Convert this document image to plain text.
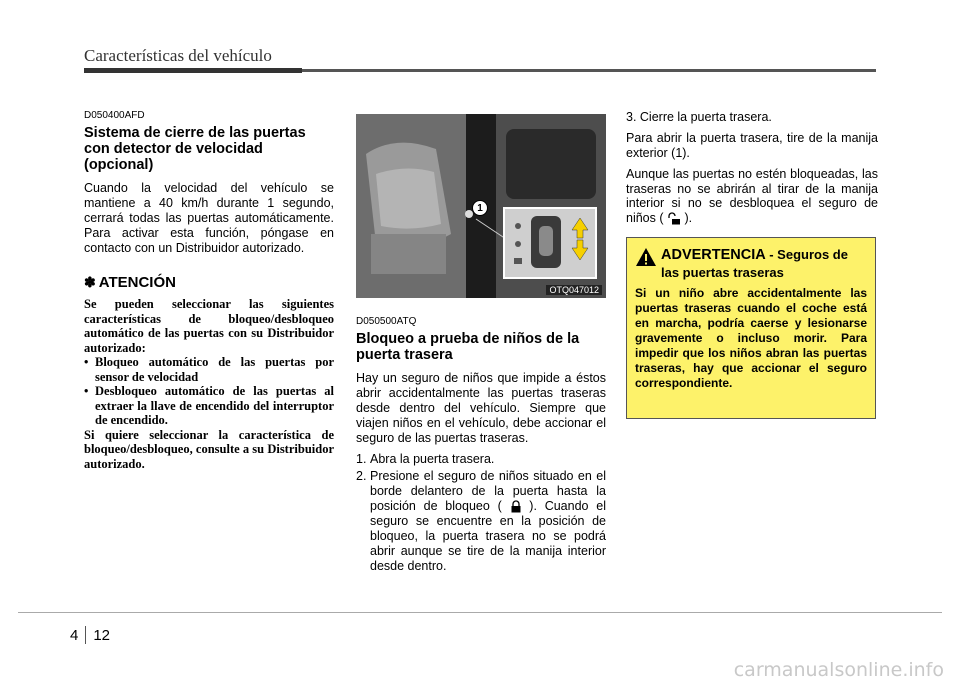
Características del vehículo
D050400AFD
Sistema de cierre de las puertas con detector de velocidad (opcional)
Cuando la velocidad del vehículo se mantiene a 40 km/h durante 1 segundo, cerrará todas las puertas automáticamente. Para activar esta función, póngase en contacto con un Distribuidor autorizado.
✽ ATENCIÓN
Se pueden seleccionar las siguientes características de bloqueo/desbloqueo automático de las puertas con su Distribuidor autorizado:
• Bloqueo automático de las puertas por sensor de velocidad
• Desbloqueo automático de las puertas al extraer la llave de encendido del interruptor de encendido.
Si quiere seleccionar la característica de bloqueo/desbloqueo, consulte a su Distribuidor autorizado.
1
OTQ047012
D050500ATQ
Bloqueo a prueba de niños de la puerta trasera
Hay un seguro de niños que impide a éstos abrir accidentalmente las puertas traseras desde dentro del vehículo. Siempre que viajen niños en el vehículo, debe accionar el seguro de las puertas traseras.
1. Abra la puerta trasera.
2. Presione el seguro de niños situado en el borde delantero de la puerta hasta la posición de bloqueo ( ). Cuando el seguro se encuentre en la posición de bloqueo, la puerta trasera no se podrá abrir aunque se tire de la manija interior desde dentro.
3. Cierre la puerta trasera.
Para abrir la puerta trasera, tire de la manija exterior (1).
Aunque las puertas no estén bloqueadas, las traseras no se abrirán al tirar de la manija interior si no se desbloquea el seguro de niños ( ).
ADVERTENCIA - Seguros de las puertas traseras
Si un niño abre accidentalmente las puertas traseras cuando el coche está en marcha, podría caerse y lesionarse gravemente o incluso morir. Para impedir que los niños abran las puertas traseras, hay que accionar el seguro correspondiente.
4 12
carmanualsonline.info
